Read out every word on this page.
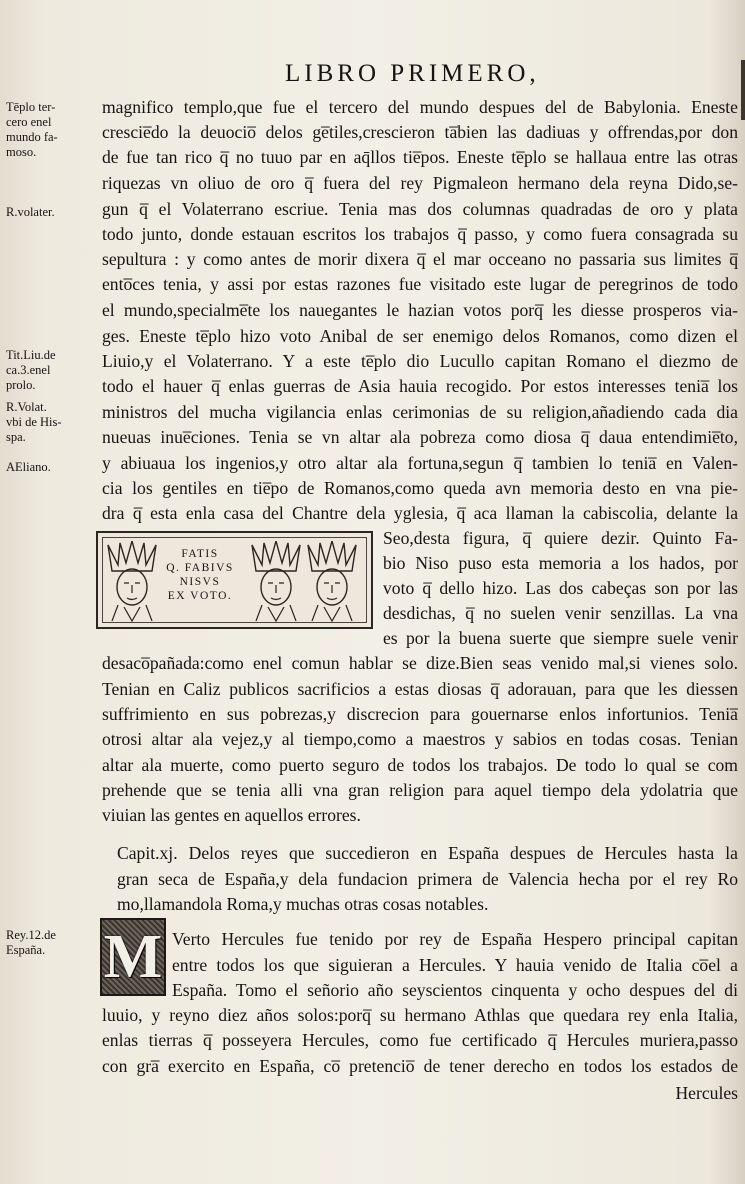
LIBRO PRIMERO,
Tēplo ter-
cero enel
mundo fa-
moso.
R.volater.
Tit.Liu.de
ca.3.enel
prolo.
R.Volat.
vbi de His-
spa.
AEliano.
Rey.12.de
España.
magnifico templo,que fue el tercero del mundo despues del de Babylonia. Eneste
crescie̅do la deuocio̅ delos ge̅tiles,crescieron ta̅bien las dadiuas y offrendas,por don
de fue tan rico q̅ no tuuo par en aq̄llos tie̅pos. Eneste te̅plo se hallaua entre las otras
riquezas vn oliuo de oro q̅ fuera del rey Pigmaleon hermano dela reyna Dido,se-
gun q̅ el Volaterrano escriue. Tenia mas dos columnas quadradas de oro y plata
todo junto, donde estauan escritos los trabajos q̅ passo, y como fuera consagrada su
sepultura : y como antes de morir dixera q̅ el mar occeano no passaria sus limites q̅
ento̅ces tenia, y assi por estas razones fue visitado este lugar de peregrinos de todo
el mundo,specialme̅te los nauegantes le hazian votos porq̅ les diesse prosperos via-
ges. Eneste te̅plo hizo voto Anibal de ser enemigo delos Romanos, como dizen el
Liuio,y el Volaterrano. Y a este te̅plo dio Lucullo capitan Romano el diezmo de
todo el hauer q̅ enlas guerras de Asia hauia recogido. Por estos interesses tenia̅ los
ministros del mucha vigilancia enlas cerimonias de su religion,añadiendo cada dia
nueuas inue̅ciones. Tenia se vn altar ala pobreza como diosa q̅ daua entendimie̅to,
y abiuaua los ingenios,y otro altar ala fortuna,segun q̅ tambien lo tenia̅ en Valen-
cia los gentiles en tie̅po de Romanos,como queda avn memoria desto en vna pie-
dra q̅ esta enla casa del Chantre dela yglesia, q̅ aca llaman la cabiscolia, delante la
FATIS
Q. FABIVS
NISVS
EX VOTO.
Seo,desta figura, q̅ quiere dezir. Quinto Fa-
bio Niso puso esta memoria a los hados, por
voto q̅ dello hizo. Las dos cabeças son por las
desdichas, q̅ no suelen venir senzillas. La vna
es por la buena suerte que siempre suele venir
desaco̅pañada:como enel comun hablar se dize.Bien seas venido mal,si vienes solo.
Tenian en Caliz publicos sacrificios a estas diosas q̅ adorauan, para que les diessen
suffrimiento en sus pobrezas,y discrecion para gouernarse enlos infortunios. Tenia̅
otrosi altar ala vejez,y al tiempo,como a maestros y sabios en todas cosas. Tenian
altar ala muerte, como puerto seguro de todos los trabajos. De todo lo qual se com
prehende que se tenia alli vna gran religion para aquel tiempo dela ydolatria que
viuian las gentes en aquellos errores.
Capit.xj. Delos reyes que succedieron en España despues de Hercules hasta la
gran seca de España,y dela fundacion primera de Valencia hecha por el rey Ro
mo,llamandola Roma,y muchas otras cosas notables.
M Verto Hercules fue tenido por rey de España Hespero principal capitan
entre todos los que siguieran a Hercules. Y hauia venido de Italia co̅el a
España. Tomo el señorio año seyscientos cinquenta y ocho despues del di
luuio, y reyno diez años solos:porq̅ su hermano Athlas que quedara rey enla Italia,
enlas tierras q̅ posseyera Hercules, como fue certificado q̅ Hercules muriera,passo
con gra̅ exercito en España, co̅ pretencio̅ de tener derecho en todos los estados de
Hercules
